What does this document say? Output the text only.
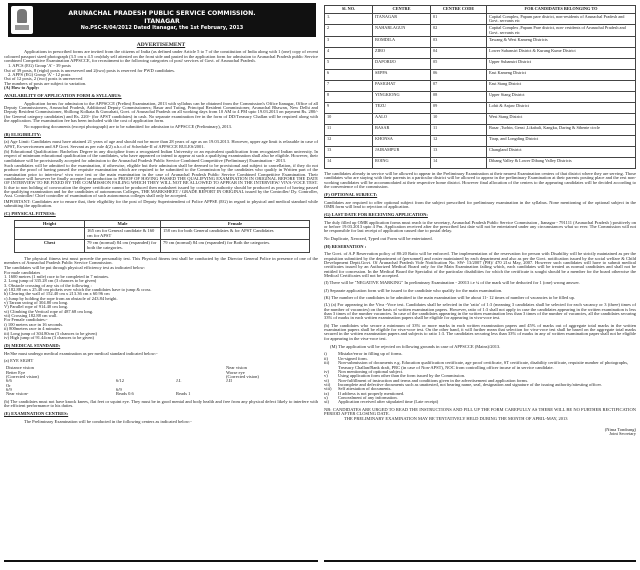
ARUNACHAL PRADESH PUBLIC SERVICE COMMISSION.
ITANAGAR
No.PSC-R/04/2012 Dated Itanagar, the 1st February, 2013
ADVERTISEMENT

Applications in prescribed forms are invited from the citizens of India (as defined under Article 5 to 7 of the constitution of India along with 1 (one) copy of recent coloured passport sized photograph (3.5 cm x 4.5 cm)duly self attested on the front side and pasted in the application form for admission to Arunachal Pradesh public Service combined Competitive Examination APPSCCE, for recruitment to the following categories of post/ services of Govt. of Arunachal Pradesh.

1. APCS (EG) Group 'A' - 39 posts
Out of 39 posts, 8 (eight) posts is unreserved and 2(two) posts is reserved for PWD candidates.
2. APPS (EG) Group 'A' - 12 posts
Out of 12 posts, 2 (two) posts is unreserved
The numbers of posts are subject to variation.
(A) How to Apply:
AVAILABILITY OF APPLICATION FORM & SYLLABUS:

Application forms for admission to the APPSCCE (Prelim) Examination, 2013 with syllabus can be obtained from the Commission's Office Itanagar, Office of all Deputy Commissioners, Arunachal Pradesh, Additional Deputy Commissioners; Basar and Tuting, Principal Resident Commissioner, Arunachal Bhawan, New Delhi and Deputy Resident Commissioner, Shillong Kolkata & Guwahati, Govt. of Arunachal Pradesh on all working days from 10 AM to 4 PM upto 19.03.2013 on payment Rs. 280/- (for General category candidates) and Rs. 220/- (for APST candidates) in cash. No separate examination fee in the form of DD/Treasury Challan will be required along with the application. The examination fee has been included with the cost of application form.

No supporting documents (except photograph) are to be submitted for admission to APPSCCE (Preliminary), 2013.

(B) ELIGIBILITY:

(a) Age Limit: Candidates must have attained 21 years of age and should not be more than 28 years of age as on 19.03.2013. However, upper age limit is relaxable in case of APST, Ex-servicemen and AP Govt. Servant as per rule 4(2) a.b.c.d of Schedule-II of APPSCCE RULES/2001.

(b) Educational Qualification: Bachelors Degree in any discipline from a recognized Indian University or an equivalent qualification from recognized Indian university. In respect of minimum educational qualification of the candidates, who have appeared or intend to appear at such a qualifying examination shall also be eligible. However, their candidature will be provisionally accepted for admission to the Arunachal Pradesh Public Service Combined Competitive (Preliminary) Examination - 2013.

Such candidates will be admitted to the examination, if otherwise, eligible but their admission shall be deemed to be provisional and subject to cancellation, if they do not produce the proof of having passed the requisite examination which are required to be submitted to the Commission by the candidates who qualify in Written part of the examination prior to interview/ viva voce test or the main examination in the case of Arunachal Pradesh Public Service Combined Competitive Examination. Their candidature will however be finally accepted on production to PROOF OF HAVING PASSED THE QUALIFYING EXAMINATION IN ORIGINAL BEFORE THE DATE OF INTERVIEW TO BE FIXED BY THE COMMISSION FAILING WHICH THEY WILL NOT BE ALLOWED TO APPEAR IN THE INTERVIEW/ VIVA-VOCE TEST. It due to non holding of convocation the degree certificate cannot be produced then marksheet issued by competent authority should be produced as proof of having passed the qualifying examination and for the candidates of autonomous Colleges, THE MARKSHEET / GRADE REPORT IN ORIGINAL issued by the Controller/ Dy. Controller, Asst. Controller/ Chief controller of examination of such autonomous colleges shall only be accepted.

IMPORTANT: Candidates are to ensure that, their eligibility for the post of Deputy Superintendent of Police APPSE (EG) in regard to physical and medical standard while submitting the application.

(C) PHYSICAL FITNESS:
Height	Male	Female
	165 cm for General candidate & 160 cm for APST	158 cm for both General candidates & for APST Candidates
Chest	79 cm (normal) 84 cm (expanded) for both the categories.	79 cm (normal) 84 cm (expanded) for Both the categories.

The physical fitness test must precede the personality test. This Physical fitness test shall be conducted by the Director General Police in presence of one of the members of Arunachal Pradesh Public Service Commission.

The candidates will be put through physical efficiency test as indicated below:
For male candidates
1. 1600 metres (1 mile) race to be completed in 7 minutes.
2. Long jump of 335.28 cm (3 chances to be given)
3. Obstacle crossing of any six of the following :
a) 182.88 cm x 25.40 cm pickets over which the candidates have to jump & cross.
b) Clearing the wall of 152.40 cm x 213.36 cm x 60.96 cm
c) Jump by holding the rope from an obstacle of 243.84 height.
v) Tarzan swing of 304.80 cm long.
V) Parallel rope of 914.40 cm long.
vi) Climbing the Vertical rope of 487.68 cm long.
vii) Crossing 182.88 cm wall.
For Female candidates:-
i) 100 meters race in 16 seconds.
ii) 800meters race in 4 minutes
iii) Long jump of 304.80cm (3 chances to be given)
iv) High jump of 91.44cm (3 chances to be given)
(D) MEDICAL STANDARD:

He/She must undergo medical examination as per medical standard indicated below:-

(a) EYE SIGHT
Distance vision	Near vision
Better Eye	Worse eye
(Corrected vision)	(Corrected vision)
6/6	6/12	J.I.	J.II
Or
6/9	6/9
Near vision-	Reads 0.6	Reads 1

(b) The candidates must not have knock knees, flat feet or squint eye. They must be in good mental and body health and free from any physical defect likely to interfere with the efficient performance to his duties.

(E) EXAMINATION CENTRES:

The Preliminary Examination will be conducted in the following centers as indicated below:-

Sl. NO.	CENTRE	CENTRE CODE	FOR CANDIDATES BELONGING TO
1.	ITANAGAR	01	Capital Complex, Papum pare district, non-residents of Arunachal Pradesh and Govt. servants etc
2	NAHARLAGUN	02	Capital Complex ,Papum Pare district, non- residents of Arunachal Pradesh and Govt. servants etc
3	BOMDILA	03	Tawang & West Kameng Districts
4	ZIRO	04	Lower Subansiri District & Kurung Kume District
5	DAPORIJO	05	Upper Subansiri District
6	SEPPA	06	East Kameng District
7	PASIGHAT	07	East Siang District
8	YINGKIONG	08	Upper Siang District
9	TEZU	09	Lohit & Anjaw District
10	AALO	10	West Siang District
11	BASAR	11	Basar ,Turbin, Gensi ,Likabali, Kangku, Daring & Sibente circle
12	KHONSA	12	Tirap, and Longding District
13	JAIRAMPUR	13	Changland District
14	ROING	14	Dibang Valley & Lower Dibang Valley Districts

The candidates already in service will be allowed to appear in the Preliminary Examination at their nearest Examination centers of that district where they are serving. Those candidates who are staying with their parents in a particular district will be allowed to appear in the preliminary Examination at their parents posting place and the rest non- working candidates will be accommodated at their respective home district. However final allocation of the centers to the appearing candidates will be decided according to the convenience of the commission.

(F) OPTIONAL SUBJECT:

Candidates are required to offer optional subject from the subject prescribed for preliminary examination in the syllabus. None mentioning of the optional subject in the OMR form will lead to rejection of application.

(G) LAST DATE FOR RECEIVING APPLICATION:

The duly filled up OMR application forms must reach to the secretary, Arunachal Pradesh Public Service Commission , Itanagar - 791111 (Arunachal Pradesh ) positively on or before 19.03.2013 upto 4 Pm. Application received after the prescribed last date will not be entertained under any circumstances what so ever. The Commission will not be responsible for last receipt of application caused due to postal delay.

No Duplicate, Xeroxed, Typed out Form will be entertained.

(H) RESERVATION :

The Govt. of A.P Reservation policy of 80:20 Ratio will be enforced. The implementation of the reservation for person with Disability will be strictly maintained as per the requisition submitted by the department of (personnel) and roster maintained by each department and also as per the Govt. notification issued by the social welfare & Child Development Deptt.Govt. Of Arunachal Pradesh Vide Notification No. SW- 13/2007 (PH)/ 470 21st May, 2007. However such candidates will have to submit medical certificates issued by an Authorized Medical Board only for the Main Examination failing which, each candidates will be treated as normal candidates and shall not be entitled for concession. In the Medical Board the Specialist of the particular disabilities for which the certificate is sought should be a member for the board otherwise the Medical Certificates will not be accepted.

(I) There will be "NEGATIVE MARKING" In preliminary Examination - 20013 i.e ¼ of the mark will be deducted for 1 (one) wrong answer.

(J) Separate application form will be issued to the candidate who qualify for the main examination.

(K) The number of the candidates to be admitted to the main examination will be about 11- 12 times of number of vacancies to be filled up.

(L) (a) For appearing in the Viva -Voce test. Candidates shall be selected in the 'ratio' of 1:3 (meaning 3 candidates shall be selected for each vacancy or 3 (three) times of the number of vacancies) on the basis of written examination papers. However, ratio of 1:3 shall not apply in case the candidates appearing in the written examination is less than 3 times of the number vacancies. In case of the candidates appearing in the written examination less than 3 times of the number of vacancies, all the candidates securing 33% of marks in each written examination papers shall be eligible for appearing in viva-voce test.

(b) The candidates who secure a minimum of 33% or more marks in each written examination papers and 45% of marks out of aggregate total marks in the written examination papers shall be eligible for viva-voce test. On the other hand, it will further mean that selection for viva-voce test shall be based on the aggregate total marks secured in the written examination papers and subjects to ratio 1:3. The candidates securing less than 33% of marks in any of written examination paper shall not be eligible for appearing in the viva-voce test.

(M) The application will be rejected on following grounds in case of APPSCCE (Mains)/2013.

i)	Mistake/error in filling up of forms.
ii)	Un-signed form.
iii)	Non-submission of documents e.g. Education qualification certificate, age proof certificate, ST certificate, disability certificate, requisite number of photographs, Treasury Challan/Bank draft, PRC (in case of Non-APST), NOC from controlling officer incase of in service candidate.
iv)	Non mentioning of optional subject.
v)	Using application form other than the form issued by the Commission.
vi)	Non-fulfillment of instruction and terms and conditions given in the advertisement and application forms.
vii)	Incomplete and defective documents such as unattested, not bearing name, seal, designation and signature of the issuing authority/attesting officer.
viii)	Self attestation of documents.
ix)	If address is not properly mentioned.
x)	Concealment of any information.
xi)	Application received after stipulated time (Late receipt)

NB: CANDIDATES ARE URGED TO READ THE INSTRUCTIONS AND FILL UP THE FORM CAREFULLY AS THERE WILL BE NO FURTHER RECTIFICATION PERIOD AFTER CLOSING DATE.

THE PRELIMINARY EXAMINATION MAY BE TENTATIVELY HELD DURING THE MONTH OF APRIL-MAY, 2013

(Nima Tondrang)
Joint Secretary
